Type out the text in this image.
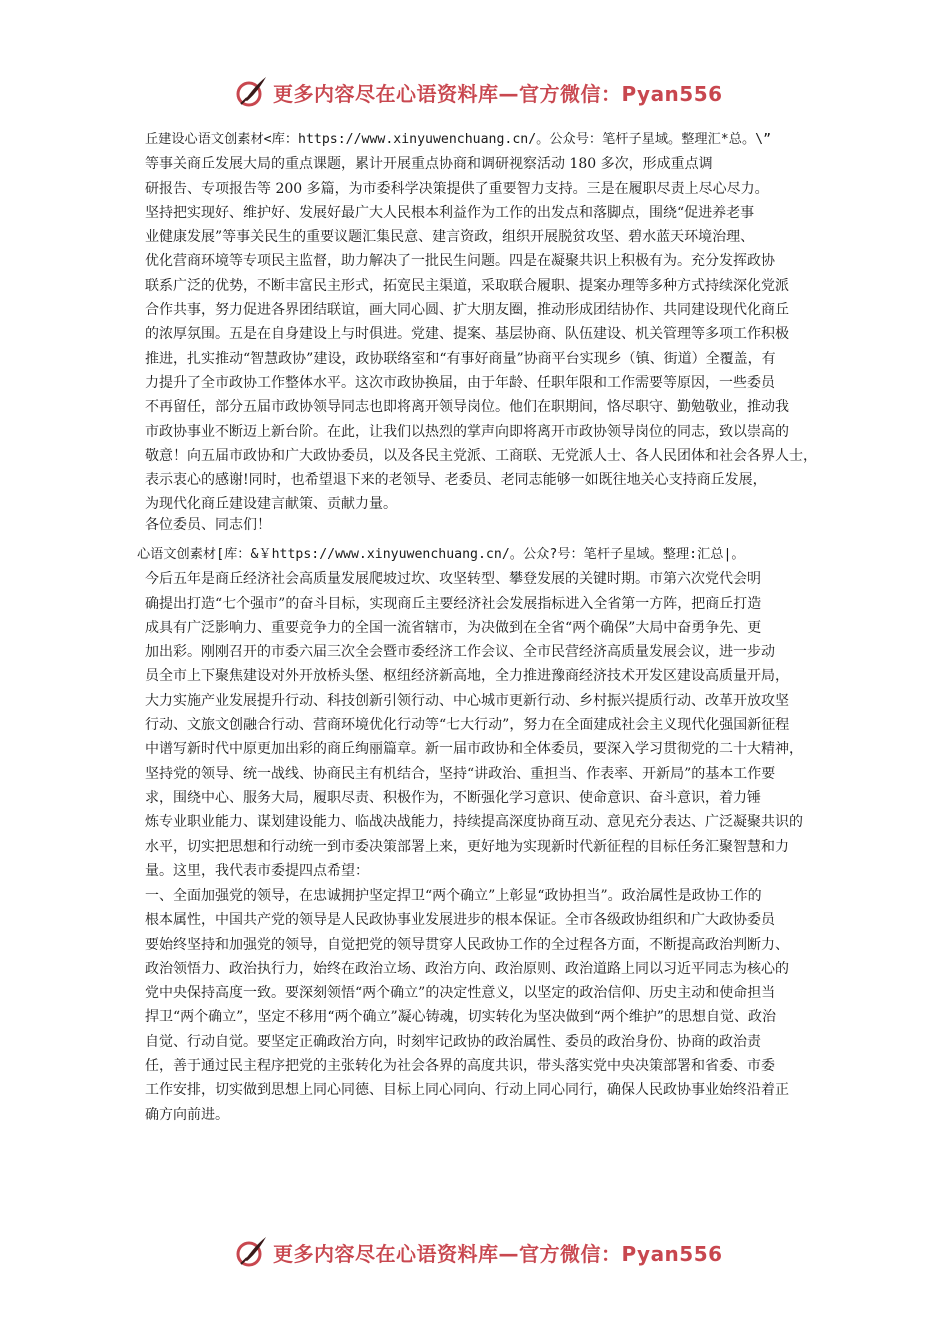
更多内容尽在心语资料库—官方微信：Pyan556
丘建设心语文创素材<库：https://www.xinyuwenchuang.cn/。公众号：笔杆子星域。整理汇*总。\”
等事关商丘发展大局的重点课题，累计开展重点协商和调研视察活动 180 多次，形成重点调
研报告、专项报告等 200 多篇，为市委科学决策提供了重要智力支持。三是在履职尽责上尽心尽力。
坚持把实现好、维护好、发展好最广大人民根本利益作为工作的出发点和落脚点，围绕“促进养老事
业健康发展”等事关民生的重要议题汇集民意、建言资政，组织开展脱贫攻坚、碧水蓝天环境治理、
优化营商环境等专项民主监督，助力解决了一批民生问题。四是在凝聚共识上积极有为。充分发挥政协
联系广泛的优势，不断丰富民主形式，拓宽民主渠道，采取联合履职、提案办理等多种方式持续深化党派
合作共事，努力促进各界团结联谊，画大同心圆、扩大朋友圈，推动形成团结协作、共同建设现代化商丘
的浓厚氛围。五是在自身建设上与时俱进。党建、提案、基层协商、队伍建设、机关管理等多项工作积极
推进，扎实推动“智慧政协”建设，政协联络室和“有事好商量”协商平台实现乡（镇、街道）全覆盖，有
力提升了全市政协工作整体水平。这次市政协换届，由于年龄、任职年限和工作需要等原因，一些委员
不再留任，部分五届市政协领导同志也即将离开领导岗位。他们在职期间，恪尽职守、勤勉敬业，推动我
市政协事业不断迈上新台阶。在此，让我们以热烈的掌声向即将离开市政协领导岗位的同志，致以崇高的
敬意！向五届市政协和广大政协委员，以及各民主党派、工商联、无党派人士、各人民团体和社会各界人士，
表示衷心的感谢!同时，也希望退下来的老领导、老委员、老同志能够一如既往地关心支持商丘发展，
为现代化商丘建设建言献策、贡献力量。
各位委员、同志们！
心语文创素材[库：&￥https://www.xinyuwenchuang.cn/。公众?号：笔杆子星域。整理:汇总|。
今后五年是商丘经济社会高质量发展爬坡过坎、攻坚转型、攀登发展的关键时期。市第六次党代会明
确提出打造“七个强市”的奋斗目标，实现商丘主要经济社会发展指标进入全省第一方阵，把商丘打造
成具有广泛影响力、重要竞争力的全国一流省辖市，为决做到在全省“两个确保”大局中奋勇争先、更
加出彩。刚刚召开的市委六届三次全会暨市委经济工作会议、全市民营经济高质量发展会议，进一步动
员全市上下聚焦建设对外开放桥头堡、枢纽经济新高地，全力推进豫商经济技术开发区建设高质量开局，
大力实施产业发展提升行动、科技创新引领行动、中心城市更新行动、乡村振兴提质行动、改革开放攻坚
行动、文旅文创融合行动、营商环境优化行动等“七大行动”，努力在全面建成社会主义现代化强国新征程
中谱写新时代中原更加出彩的商丘绚丽篇章。新一届市政协和全体委员，要深入学习贯彻党的二十大精神，
坚持党的领导、统一战线、协商民主有机结合，坚持“讲政治、重担当、作表率、开新局”的基本工作要
求，围绕中心、服务大局，履职尽责、积极作为，不断强化学习意识、使命意识、奋斗意识，着力锤
炼专业职业能力、谋划建设能力、临战决战能力，持续提高深度协商互动、意见充分表达、广泛凝聚共识的
水平，切实把思想和行动统一到市委决策部署上来，更好地为实现新时代新征程的目标任务汇聚智慧和力
量。这里，我代表市委提四点希望：
一、全面加强党的领导，在忠诚拥护坚定捍卫“两个确立”上彰显“政协担当”。政治属性是政协工作的
根本属性，中国共产党的领导是人民政协事业发展进步的根本保证。全市各级政协组织和广大政协委员
要始终坚持和加强党的领导，自觉把党的领导贯穿人民政协工作的全过程各方面，不断提高政治判断力、
政治领悟力、政治执行力，始终在政治立场、政治方向、政治原则、政治道路上同以习近平同志为核心的
党中央保持高度一致。要深刻领悟“两个确立”的决定性意义，以坚定的政治信仰、历史主动和使命担当
捍卫“两个确立”，坚定不移用“两个确立”凝心铸魂，切实转化为坚决做到“两个维护”的思想自觉、政治
自觉、行动自觉。要坚定正确政治方向，时刻牢记政协的政治属性、委员的政治身份、协商的政治责
任，善于通过民主程序把党的主张转化为社会各界的高度共识，带头落实党中央决策部署和省委、市委
工作安排，切实做到思想上同心同德、目标上同心同向、行动上同心同行，确保人民政协事业始终沿着正
确方向前进。
更多内容尽在心语资料库—官方微信：Pyan556
